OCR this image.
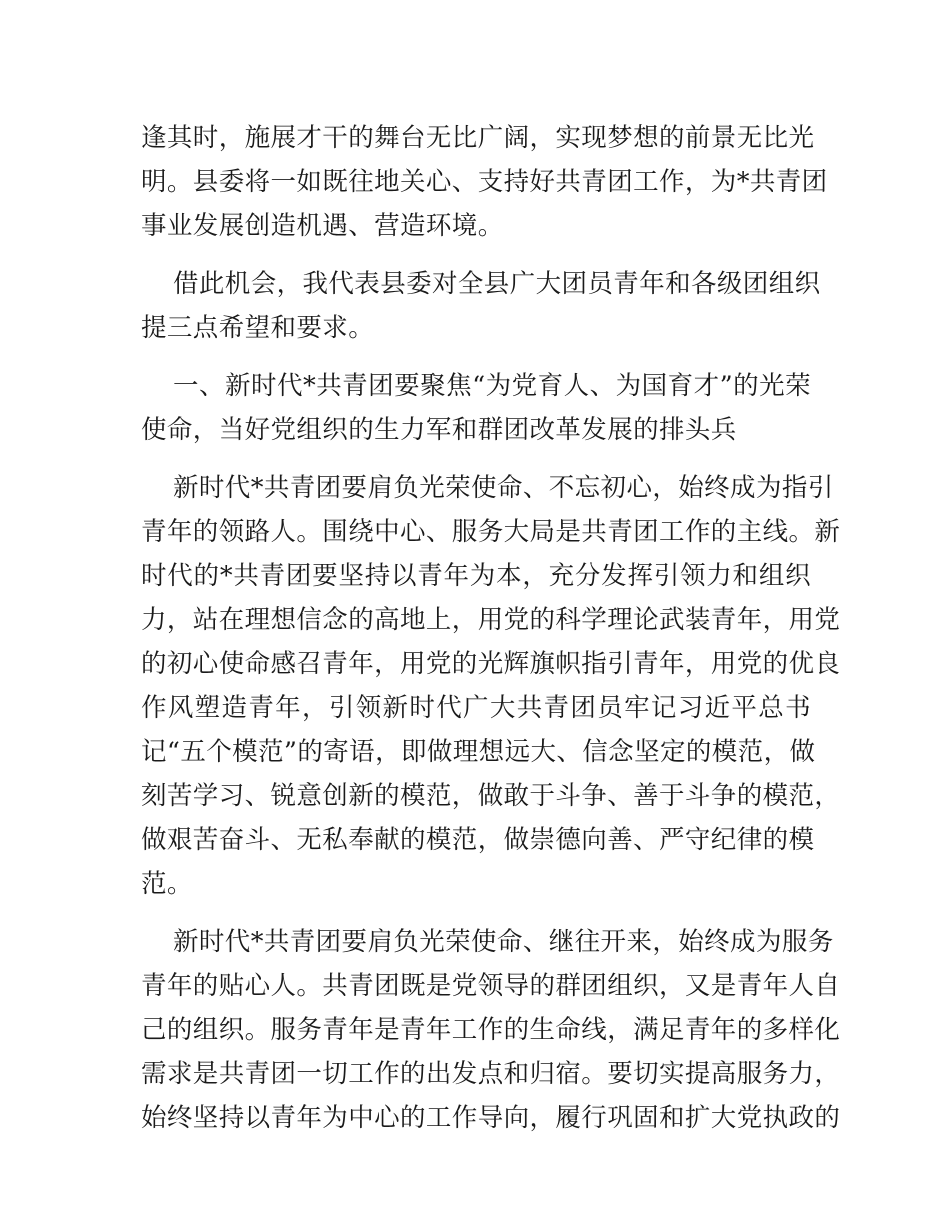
逢其时，施展才干的舞台无比广阔，实现梦想的前景无比光
明。县委将一如既往地关心、支持好共青团工作，为*共青团
事业发展创造机遇、营造环境。
借此机会，我代表县委对全县广大团员青年和各级团组织
提三点希望和要求。
一、新时代*共青团要聚焦“为党育人、为国育才”的光荣
使命，当好党组织的生力军和群团改革发展的排头兵
新时代*共青团要肩负光荣使命、不忘初心，始终成为指引
青年的领路人。围绕中心、服务大局是共青团工作的主线。新
时代的*共青团要坚持以青年为本，充分发挥引领力和组织
力，站在理想信念的高地上，用党的科学理论武装青年，用党
的初心使命感召青年，用党的光辉旗帜指引青年，用党的优良
作风塑造青年，引领新时代广大共青团员牢记习近平总书
记“五个模范”的寄语，即做理想远大、信念坚定的模范，做
刻苦学习、锐意创新的模范，做敢于斗争、善于斗争的模范，
做艰苦奋斗、无私奉献的模范，做崇德向善、严守纪律的模
范。
新时代*共青团要肩负光荣使命、继往开来，始终成为服务
青年的贴心人。共青团既是党领导的群团组织，又是青年人自
己的组织。服务青年是青年工作的生命线，满足青年的多样化
需求是共青团一切工作的出发点和归宿。要切实提高服务力，
始终坚持以青年为中心的工作导向，履行巩固和扩大党执政的
